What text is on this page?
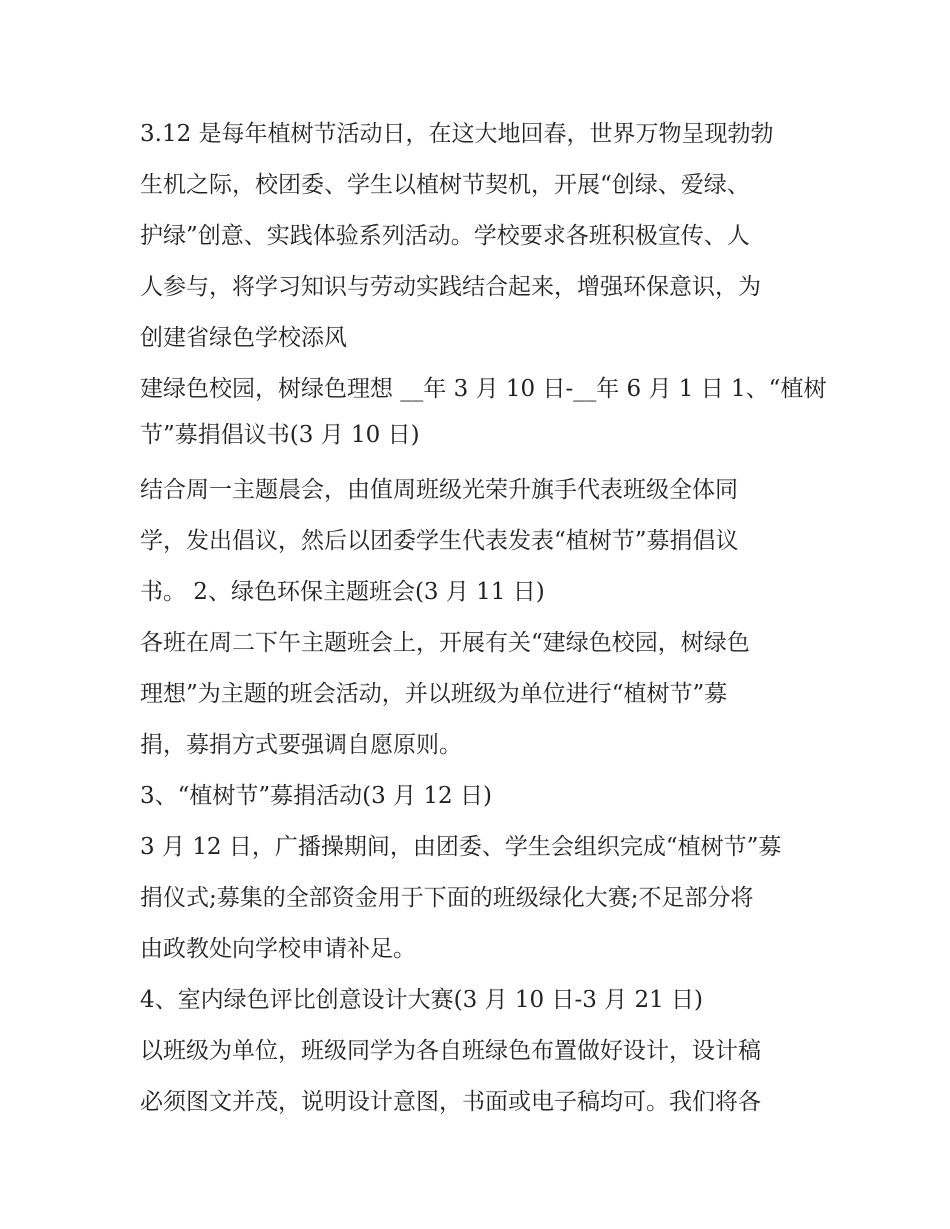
3.12 是每年植树节活动日，在这大地回春，世界万物呈现勃勃
生机之际，校团委、学生以植树节契机，开展“创绿、爱绿、
护绿”创意、实践体验系列活动。学校要求各班积极宣传、人
人参与，将学习知识与劳动实践结合起来，增强环保意识，为
创建省绿色学校添风
建绿色校园，树绿色理想 __年 3 月 10 日-__年 6 月 1 日 1、“植树
节”募捐倡议书(3 月 10 日)
结合周一主题晨会，由值周班级光荣升旗手代表班级全体同
学，发出倡议，然后以团委学生代表发表“植树节”募捐倡议
书。 2、绿色环保主题班会(3 月 11 日)
各班在周二下午主题班会上，开展有关“建绿色校园，树绿色
理想”为主题的班会活动，并以班级为单位进行“植树节”募
捐，募捐方式要强调自愿原则。
3、“植树节”募捐活动(3 月 12 日)
3 月 12 日，广播操期间，由团委、学生会组织完成“植树节”募
捐仪式;募集的全部资金用于下面的班级绿化大赛;不足部分将
由政教处向学校申请补足。
4、室内绿色评比创意设计大赛(3 月 10 日-3 月 21 日)
以班级为单位，班级同学为各自班绿色布置做好设计，设计稿
必须图文并茂，说明设计意图，书面或电子稿均可。我们将各
